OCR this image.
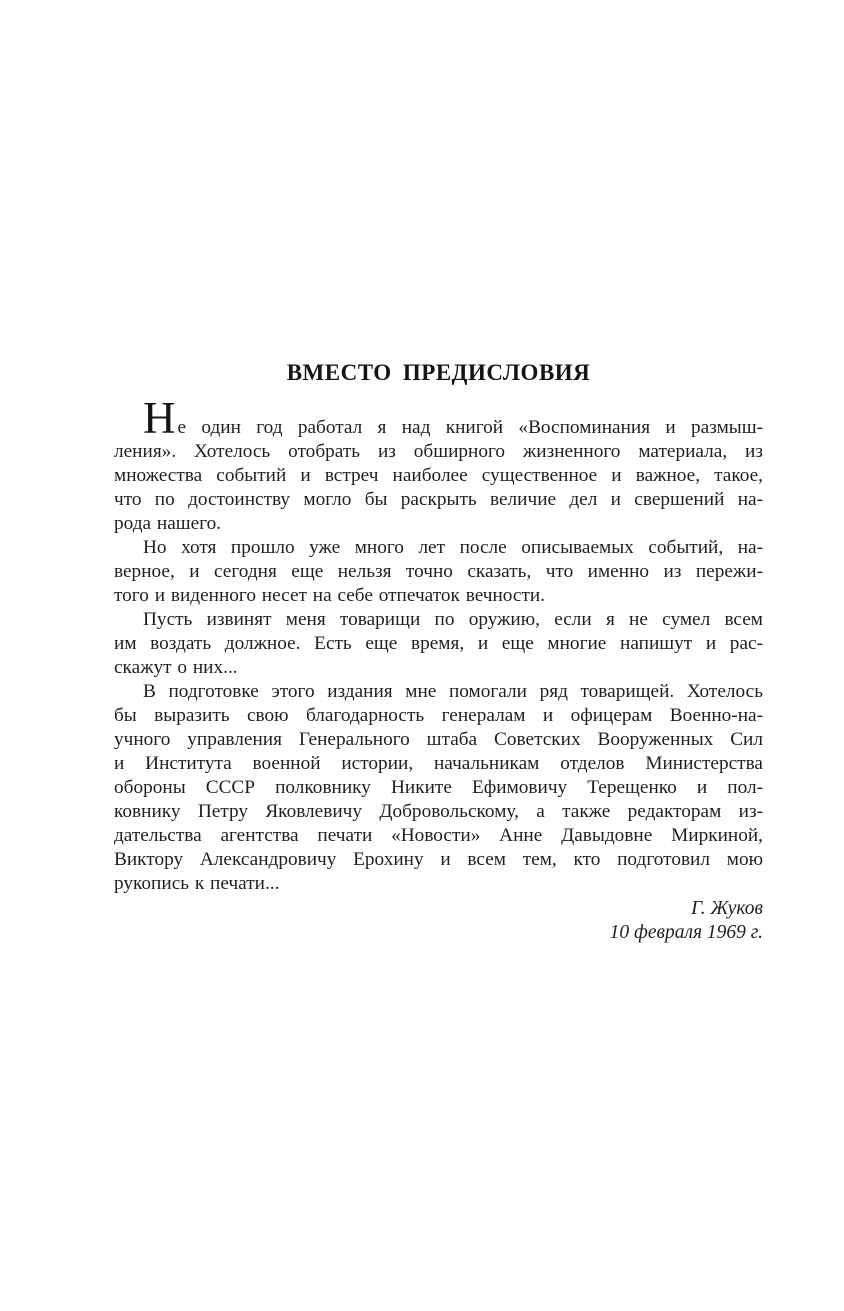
ВМЕСТО ПРЕДИСЛОВИЯ
Не один год работал я над книгой «Воспоминания и размыш-
ления». Хотелось отобрать из обширного жизненного материала, из
множества событий и встреч наиболее существенное и важное, такое,
что по достоинству могло бы раскрыть величие дел и свершений на-
рода нашего.
Но хотя прошло уже много лет после описываемых событий, на-
верное, и сегодня еще нельзя точно сказать, что именно из пережи-
того и виденного несет на себе отпечаток вечности.
Пусть извинят меня товарищи по оружию, если я не сумел всем
им воздать должное. Есть еще время, и еще многие напишут и рас-
скажут о них...
В подготовке этого издания мне помогали ряд товарищей. Хотелось
бы выразить свою благодарность генералам и офицерам Военно-на-
учного управления Генерального штаба Советских Вооруженных Сил
и Института военной истории, начальникам отделов Министерства
обороны СССР полковнику Никите Ефимовичу Терещенко и пол-
ковнику Петру Яковлевичу Добровольскому, а также редакторам из-
дательства агентства печати «Новости» Анне Давыдовне Миркиной,
Виктору Александровичу Ерохину и всем тем, кто подготовил мою
рукопись к печати...
Г. Жуков
10 февраля 1969 г.
